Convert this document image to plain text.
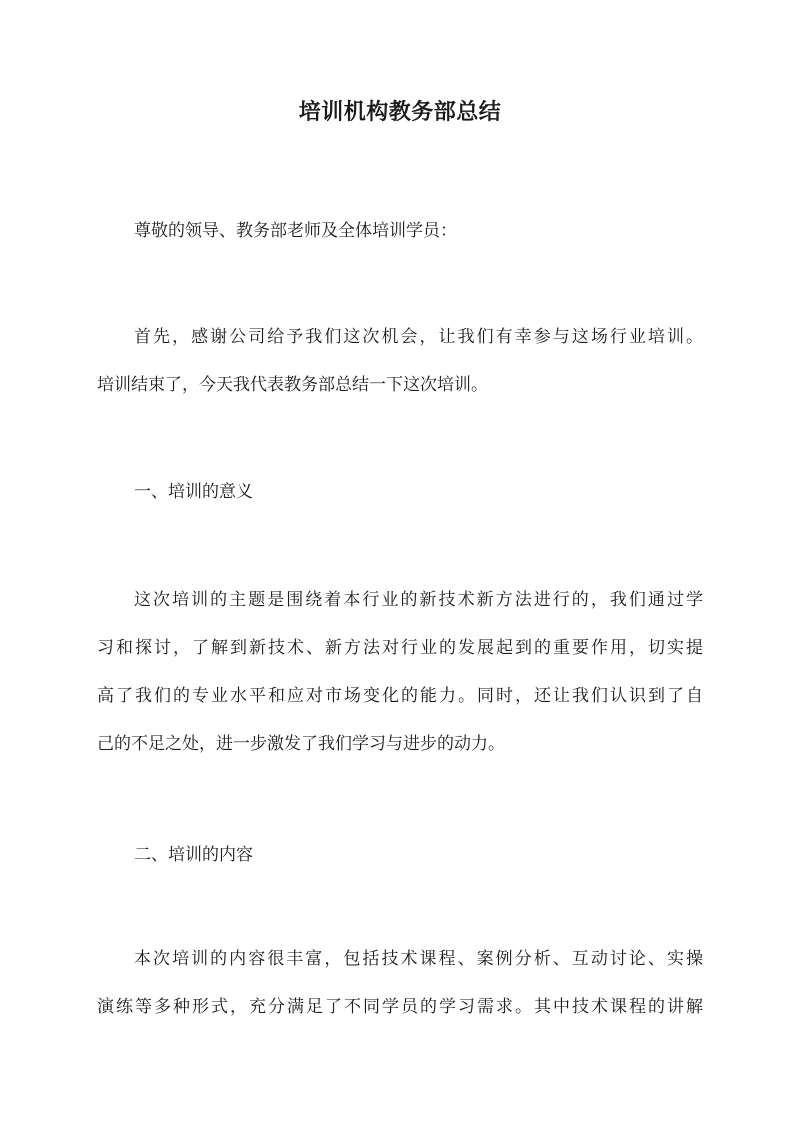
培训机构教务部总结
尊敬的领导、教务部老师及全体培训学员：
首先，感谢公司给予我们这次机会，让我们有幸参与这场行业培训。
培训结束了，今天我代表教务部总结一下这次培训。
一、培训的意义
这次培训的主题是围绕着本行业的新技术新方法进行的，我们通过学
习和探讨，了解到新技术、新方法对行业的发展起到的重要作用，切实提
高了我们的专业水平和应对市场变化的能力。同时，还让我们认识到了自
己的不足之处，进一步激发了我们学习与进步的动力。
二、培训的内容
本次培训的内容很丰富，包括技术课程、案例分析、互动讨论、实操
演练等多种形式，充分满足了不同学员的学习需求。其中技术课程的讲解
